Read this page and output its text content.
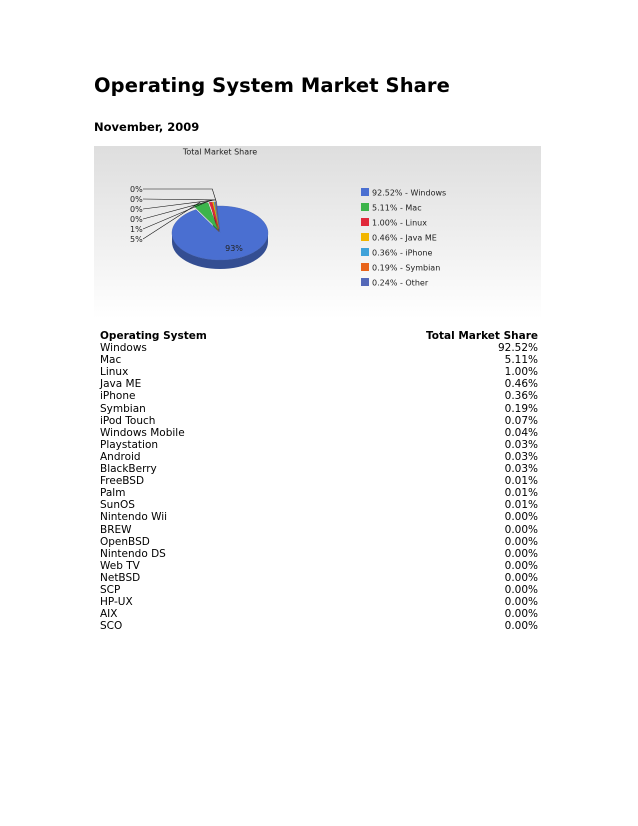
Operating System Market Share
November, 2009
Total Market Share
93%
0%
0%
0%
0%
1%
5%
92.52% - Windows
5.11% - Mac
1.00% - Linux
0.46% - Java ME
0.36% - iPhone
0.19% - Symbian
0.24% - Other
Operating System	Total Market Share
Windows	92.52%
Mac	5.11%
Linux	1.00%
Java ME	0.46%
iPhone	0.36%
Symbian	0.19%
iPod Touch	0.07%
Windows Mobile	0.04%
Playstation	0.03%
Android	0.03%
BlackBerry	0.03%
FreeBSD	0.01%
Palm	0.01%
SunOS	0.01%
Nintendo Wii	0.00%
BREW	0.00%
OpenBSD	0.00%
Nintendo DS	0.00%
Web TV	0.00%
NetBSD	0.00%
SCP	0.00%
HP-UX	0.00%
AIX	0.00%
SCO	0.00%
